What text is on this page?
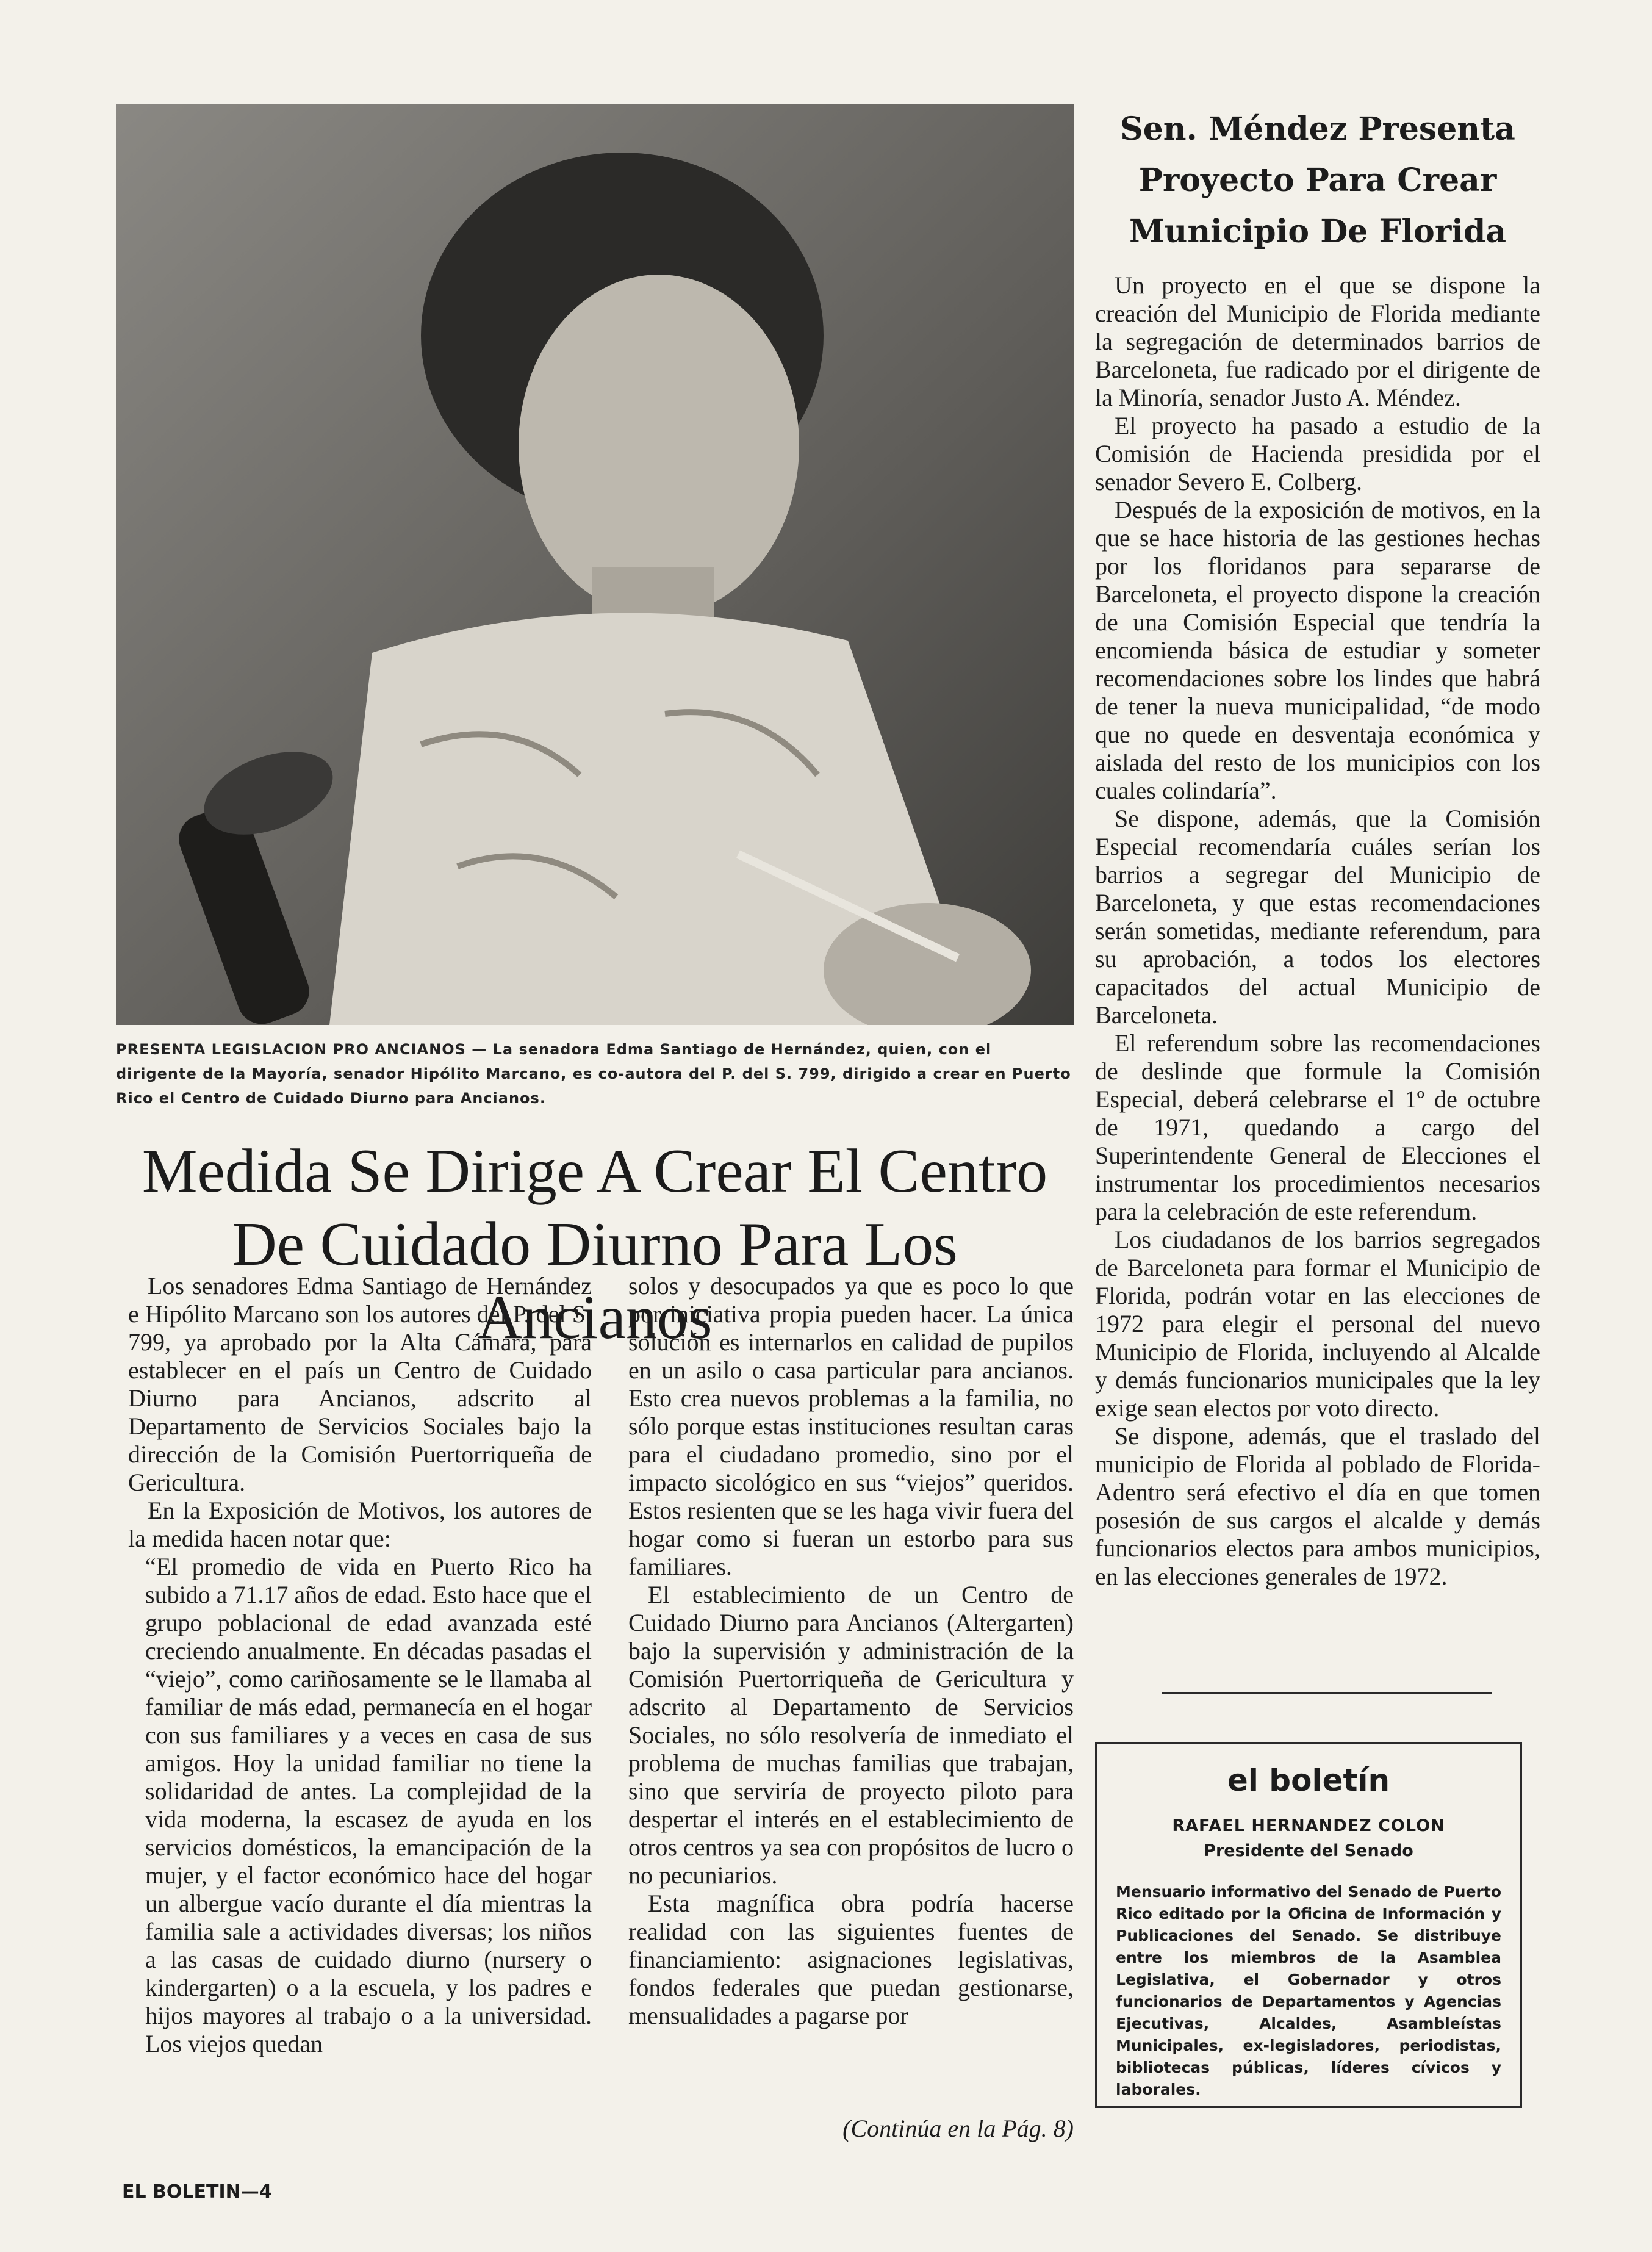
PRESENTA LEGISLACION PRO ANCIANOS — La senadora Edma Santiago de Hernández, quien, con el dirigente de la Mayoría, senador Hipólito Marcano, es co-autora del P. del S. 799, dirigido a crear en Puerto Rico el Centro de Cuidado Diurno para Ancianos.
Medida Se Dirige A Crear El Centro
De Cuidado Diurno Para Los Ancianos

Los senadores Edma Santiago de Hernández e Hipólito Marcano son los autores del P. del S. 799, ya aprobado por la Alta Cámara, para establecer en el país un Centro de Cuidado Diurno para Ancianos, adscrito al Departamento de Servicios Sociales bajo la dirección de la Comisión Puertorriqueña de Gericultura.

En la Exposición de Motivos, los autores de la medida hacen notar que:

“El promedio de vida en Puerto Rico ha subido a 71.17 años de edad. Esto hace que el grupo poblacional de edad avanzada esté creciendo anualmente. En décadas pasadas el “viejo”, como cariñosamente se le llamaba al familiar de más edad, permanecía en el hogar con sus familiares y a veces en casa de sus amigos. Hoy la unidad familiar no tiene la solidaridad de antes. La complejidad de la vida moderna, la escasez de ayuda en los servicios domésticos, la emancipación de la mujer, y el factor económico hace del hogar un albergue vacío durante el día mientras la familia sale a actividades diversas; los niños a las casas de cuidado diurno (nursery o kindergarten) o a la escuela, y los padres e hijos mayores al trabajo o a la universidad. Los viejos quedan

solos y desocupados ya que es poco lo que por iniciativa propia pueden hacer. La única solución es internarlos en calidad de pupilos en un asilo o casa particular para ancianos. Esto crea nuevos problemas a la familia, no sólo porque estas instituciones resultan caras para el ciudadano promedio, sino por el impacto sicológico en sus “viejos” queridos. Estos resienten que se les haga vivir fuera del hogar como si fueran un estorbo para sus familiares.

El establecimiento de un Centro de Cuidado Diurno para Ancianos (Altergarten) bajo la supervisión y administración de la Comisión Puertorriqueña de Gericultura y adscrito al Departamento de Servicios Sociales, no sólo resolvería de inmediato el problema de muchas familias que trabajan, sino que serviría de proyecto piloto para despertar el interés en el establecimiento de otros centros ya sea con propósitos de lucro o no pecuniarios.

Esta magnífica obra podría hacerse realidad con las siguientes fuentes de financiamiento: asignaciones legislativas, fondos federales que puedan gestionarse, mensualidades a pagarse por

(Continúa en la Pág. 8)
Sen. Méndez Presenta Proyecto Para Crear Municipio De Florida

Un proyecto en el que se dispone la creación del Municipio de Florida mediante la segregación de determinados barrios de Barceloneta, fue radicado por el dirigente de la Minoría, senador Justo A. Méndez.

El proyecto ha pasado a estudio de la Comisión de Hacienda presidida por el senador Severo E. Colberg.

Después de la exposición de motivos, en la que se hace historia de las gestiones hechas por los floridanos para separarse de Barceloneta, el proyecto dispone la creación de una Comisión Especial que tendría la encomienda básica de estudiar y someter recomendaciones sobre los lindes que habrá de tener la nueva municipalidad, “de modo que no quede en desventaja económica y aislada del resto de los municipios con los cuales colindaría”.

Se dispone, además, que la Comisión Especial recomendaría cuáles serían los barrios a segregar del Municipio de Barceloneta, y que estas recomendaciones serán sometidas, mediante referendum, para su aprobación, a todos los electores capacitados del actual Municipio de Barceloneta.

El referendum sobre las recomendaciones de deslinde que formule la Comisión Especial, deberá celebrarse el 1º de octubre de 1971, quedando a cargo del Superintendente General de Elecciones el instrumentar los procedimientos necesarios para la celebración de este referendum.

Los ciudadanos de los barrios segregados de Barceloneta para formar el Municipio de Florida, podrán votar en las elecciones de 1972 para elegir el personal del nuevo Municipio de Florida, incluyendo al Alcalde y demás funcionarios municipales que la ley exige sean electos por voto directo.

Se dispone, además, que el traslado del municipio de Florida al poblado de Florida-Adentro será efectivo el día en que tomen posesión de sus cargos el alcalde y demás funcionarios electos para ambos municipios, en las elecciones generales de 1972.

el boletín

RAFAEL HERNANDEZ COLON

Presidente del Senado

Mensuario informativo del Senado de Puerto Rico editado por la Oficina de Información y Publicaciones del Senado. Se distribuye entre los miembros de la Asamblea Legislativa, el Gobernador y otros funcionarios de Departamentos y Agencias Ejecutivas, Alcaldes, Asambleístas Municipales, ex-legisladores, periodistas, bibliotecas públicas, líderes cívicos y laborales.

EL BOLETIN—4
